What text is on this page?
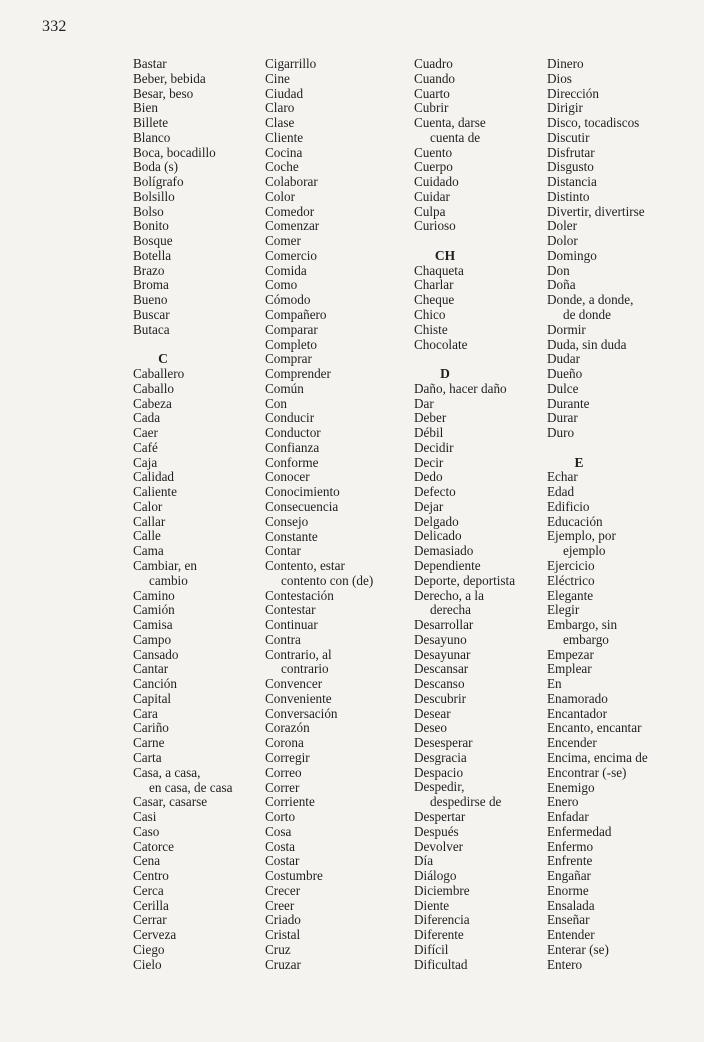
332
Bastar
Beber, bebida
Besar, beso
Bien
Billete
Blanco
Boca, bocadillo
Boda (s)
Bolígrafo
Bolsillo
Bolso
Bonito
Bosque
Botella
Brazo
Broma
Bueno
Buscar
Butaca
C
Caballero
Caballo
Cabeza
Cada
Caer
Café
Caja
Calidad
Caliente
Calor
Callar
Calle
Cama
Cambiar, en
cambio
Camino
Camión
Camisa
Campo
Cansado
Cantar
Canción
Capital
Cara
Cariño
Carne
Carta
Casa, a casa,
en casa, de casa
Casar, casarse
Casi
Caso
Catorce
Cena
Centro
Cerca
Cerilla
Cerrar
Cerveza
Ciego
Cielo
Cigarrillo
Cine
Ciudad
Claro
Clase
Cliente
Cocina
Coche
Colaborar
Color
Comedor
Comenzar
Comer
Comercio
Comida
Como
Cómodo
Compañero
Comparar
Completo
Comprar
Comprender
Común
Con
Conducir
Conductor
Confianza
Conforme
Conocer
Conocimiento
Consecuencia
Consejo
Constante
Contar
Contento, estar
contento con (de)
Contestación
Contestar
Continuar
Contra
Contrario, al
contrario
Convencer
Conveniente
Conversación
Corazón
Corona
Corregir
Correo
Correr
Corriente
Corto
Cosa
Costa
Costar
Costumbre
Crecer
Creer
Criado
Cristal
Cruz
Cruzar
Cuadro
Cuando
Cuarto
Cubrir
Cuenta, darse
cuenta de
Cuento
Cuerpo
Cuidado
Cuidar
Culpa
Curioso
CH
Chaqueta
Charlar
Cheque
Chico
Chiste
Chocolate
D
Daño, hacer daño
Dar
Deber
Débil
Decidir
Decir
Dedo
Defecto
Dejar
Delgado
Delicado
Demasiado
Dependiente
Deporte, deportista
Derecho, a la
derecha
Desarrollar
Desayuno
Desayunar
Descansar
Descanso
Descubrir
Desear
Deseo
Desesperar
Desgracia
Despacio
Despedir,
despedirse de
Despertar
Después
Devolver
Día
Diálogo
Diciembre
Diente
Diferencia
Diferente
Difícil
Dificultad
Dinero
Dios
Dirección
Dirigir
Disco, tocadiscos
Discutir
Disfrutar
Disgusto
Distancia
Distinto
Divertir, divertirse
Doler
Dolor
Domingo
Don
Doña
Donde, a donde,
de donde
Dormir
Duda, sin duda
Dudar
Dueño
Dulce
Durante
Durar
Duro
E
Echar
Edad
Edificio
Educación
Ejemplo, por
ejemplo
Ejercicio
Eléctrico
Elegante
Elegir
Embargo, sin
embargo
Empezar
Emplear
En
Enamorado
Encantador
Encanto, encantar
Encender
Encima, encima de
Encontrar (-se)
Enemigo
Enero
Enfadar
Enfermedad
Enfermo
Enfrente
Engañar
Enorme
Ensalada
Enseñar
Entender
Enterar (se)
Entero
